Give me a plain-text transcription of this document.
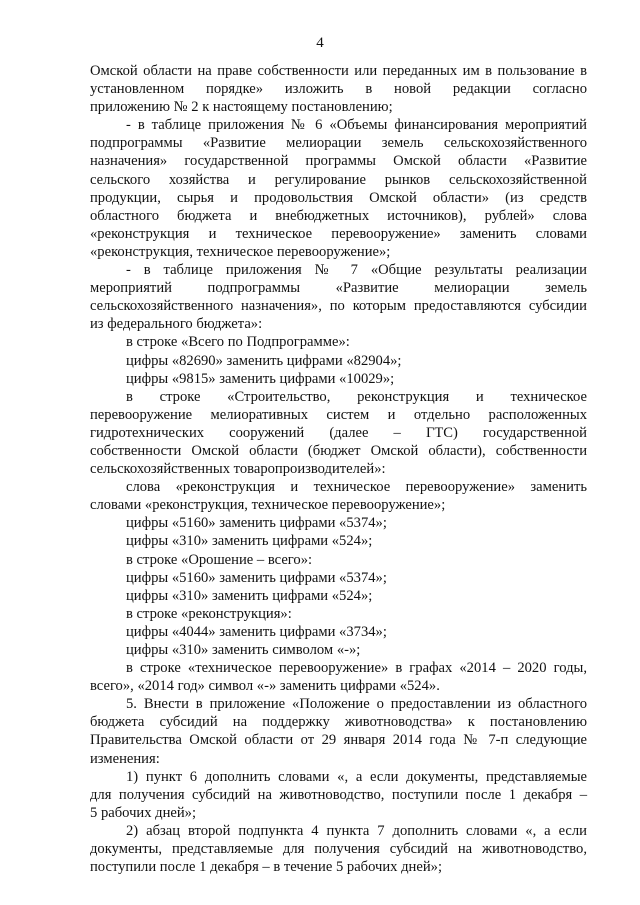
4
Омской области на праве собственности или переданных им в пользование в
установленном порядке» изложить в новой редакции согласно
приложению № 2 к настоящему постановлению;
- в таблице приложения № 6 «Объемы финансирования мероприятий
подпрограммы «Развитие мелиорации земель сельскохозяйственного
назначения» государственной программы Омской области «Развитие
сельского хозяйства и регулирование рынков сельскохозяйственной
продукции, сырья и продовольствия Омской области» (из средств
областного бюджета и внебюджетных источников), рублей» слова
«реконструкция и техническое перевооружение» заменить словами
«реконструкция, техническое перевооружение»;
- в таблице приложения № 7 «Общие результаты реализации
мероприятий подпрограммы «Развитие мелиорации земель
сельскохозяйственного назначения», по которым предоставляются субсидии
из федерального бюджета»:
в строке «Всего по Подпрограмме»:
цифры «82690» заменить цифрами «82904»;
цифры «9815» заменить цифрами «10029»;
в строке «Строительство, реконструкция и техническое
перевооружение мелиоративных систем и отдельно расположенных
гидротехнических сооружений (далее – ГТС) государственной
собственности Омской области (бюджет Омской области), собственности
сельскохозяйственных товаропроизводителей»:
слова «реконструкция и техническое перевооружение» заменить
словами «реконструкция, техническое перевооружение»;
цифры «5160» заменить цифрами «5374»;
цифры «310» заменить цифрами «524»;
в строке «Орошение – всего»:
цифры «5160» заменить цифрами «5374»;
цифры «310» заменить цифрами «524»;
в строке «реконструкция»:
цифры «4044» заменить цифрами «3734»;
цифры «310» заменить символом «-»;
в строке «техническое перевооружение» в графах «2014 – 2020 годы,
всего», «2014 год» символ «-» заменить цифрами «524».
5. Внести в приложение «Положение о предоставлении из областного
бюджета субсидий на поддержку животноводства» к постановлению
Правительства Омской области от 29 января 2014 года № 7-п следующие
изменения:
1) пункт 6 дополнить словами «, а если документы, представляемые
для получения субсидий на животноводство, поступили после 1 декабря –
5 рабочих дней»;
2) абзац второй подпункта 4 пункта 7 дополнить словами «, а если
документы, представляемые для получения субсидий на животноводство,
поступили после 1 декабря – в течение 5 рабочих дней»;
